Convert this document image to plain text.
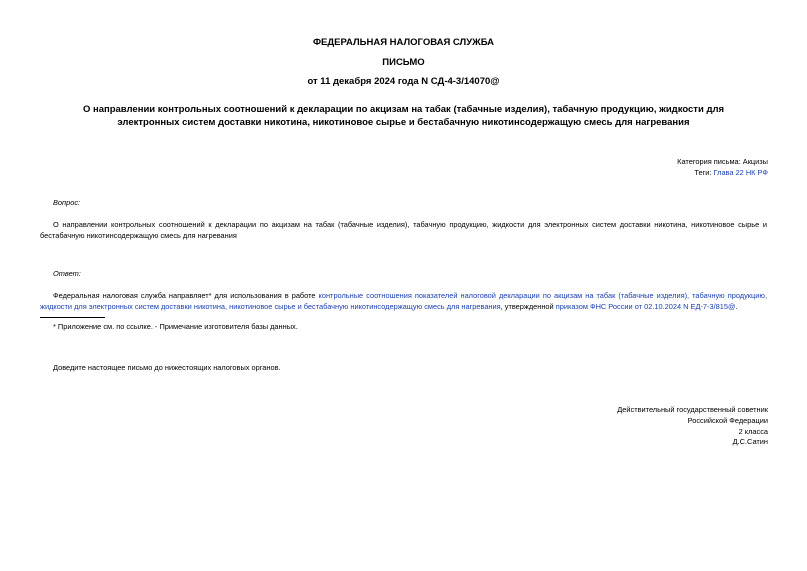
ФЕДЕРАЛЬНАЯ НАЛОГОВАЯ СЛУЖБА
ПИСЬМО
от 11 декабря 2024 года N СД-4-3/14070@
О направлении контрольных соотношений к декларации по акцизам на табак (табачные изделия), табачную продукцию, жидкости для электронных систем доставки никотина, никотиновое сырье и бестабачную никотинсодержащую смесь для нагревания
Категория письма: Акцизы
Теги: Глава 22 НК РФ
Вопрос:
О направлении контрольных соотношений к декларации по акцизам на табак (табачные изделия), табачную продукцию, жидкости для электронных систем доставки никотина, никотиновое сырье и бестабачную никотинсодержащую смесь для нагревания
Ответ:
Федеральная налоговая служба направляет* для использования в работе контрольные соотношения показателей налоговой декларации по акцизам на табак (табачные изделия), табачную продукцию, жидкости для электронных систем доставки никотина, никотиновое сырье и бестабачную никотинсодержащую смесь для нагревания, утвержденной приказом ФНС России от 02.10.2024 N ЕД-7-3/815@.
* Приложение см. по ссылке. - Примечание изготовителя базы данных.
Доведите настоящее письмо до нижестоящих налоговых органов.
Действительный государственный советник
Российской Федерации
2 класса
Д.С.Сатин
